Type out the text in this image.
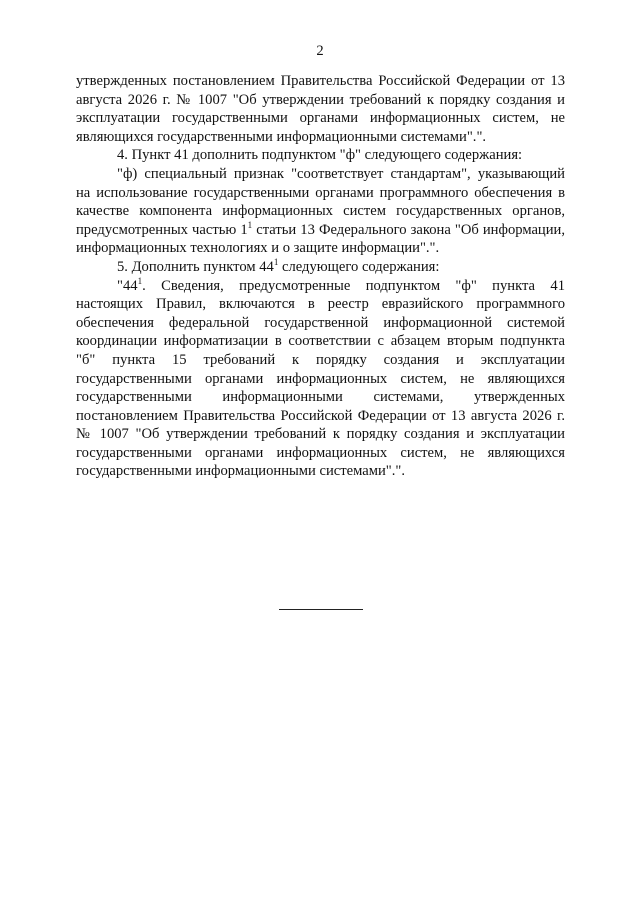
2

утвержденных постановлением Правительства Российской Федерации от 13 августа 2026 г. № 1007 "Об утверждении требований к порядку создания и эксплуатации государственными органами информационных систем, не являющихся государственными информационными системами".".

4. Пункт 41 дополнить подпунктом "ф" следующего содержания:

"ф) специальный признак "соответствует стандартам", указывающий на использование государственными органами программного обеспечения в качестве компонента информационных систем государственных органов, предусмотренных частью $1^1$ статьи 13 Федерального закона "Об информации, информационных технологиях и о защите информации".".

5. Дополнить пунктом $44^1$ следующего содержания:

"$44^1$. Сведения, предусмотренные подпунктом "ф" пункта 41 настоящих Правил, включаются в реестр евразийского программного обеспечения федеральной государственной информационной системой координации информатизации в соответствии с абзацем вторым подпункта "б" пункта 15 требований к порядку создания и эксплуатации государственными органами информационных систем, не являющихся государственными информационными системами, утвержденных постановлением Правительства Российской Федерации от 13 августа 2026 г. № 1007 "Об утверждении требований к порядку создания и эксплуатации государственными органами информационных систем, не являющихся государственными информационными системами".".
